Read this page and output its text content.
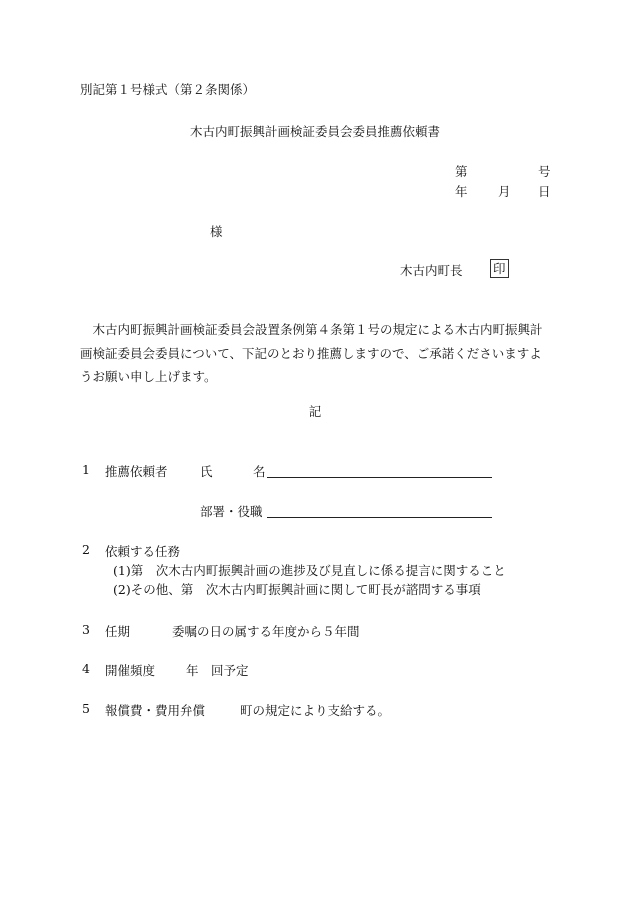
別記第１号様式（第２条関係）
木古内町振興計画検証委員会委員推薦依頼書
第	号
年 月 日
様
木古内町長 印
木古内町振興計画検証委員会設置条例第４条第１号の規定による木古内町振興計画検証委員会委員について、下記のとおり推薦しますので、ご承諾くださいますようお願い申し上げます。
記
1 推薦依頼者	氏	名
部署・役職
2 依頼する任務
(1)第　次木古内町振興計画の進捗及び見直しに係る提言に関すること
(2)その他、第　次木古内町振興計画に関して町長が諮問する事項
3 任期	委嘱の日の属する年度から５年間
4 開催頻度 年　回予定
5 報償費・費用弁償	町の規定により支給する。
